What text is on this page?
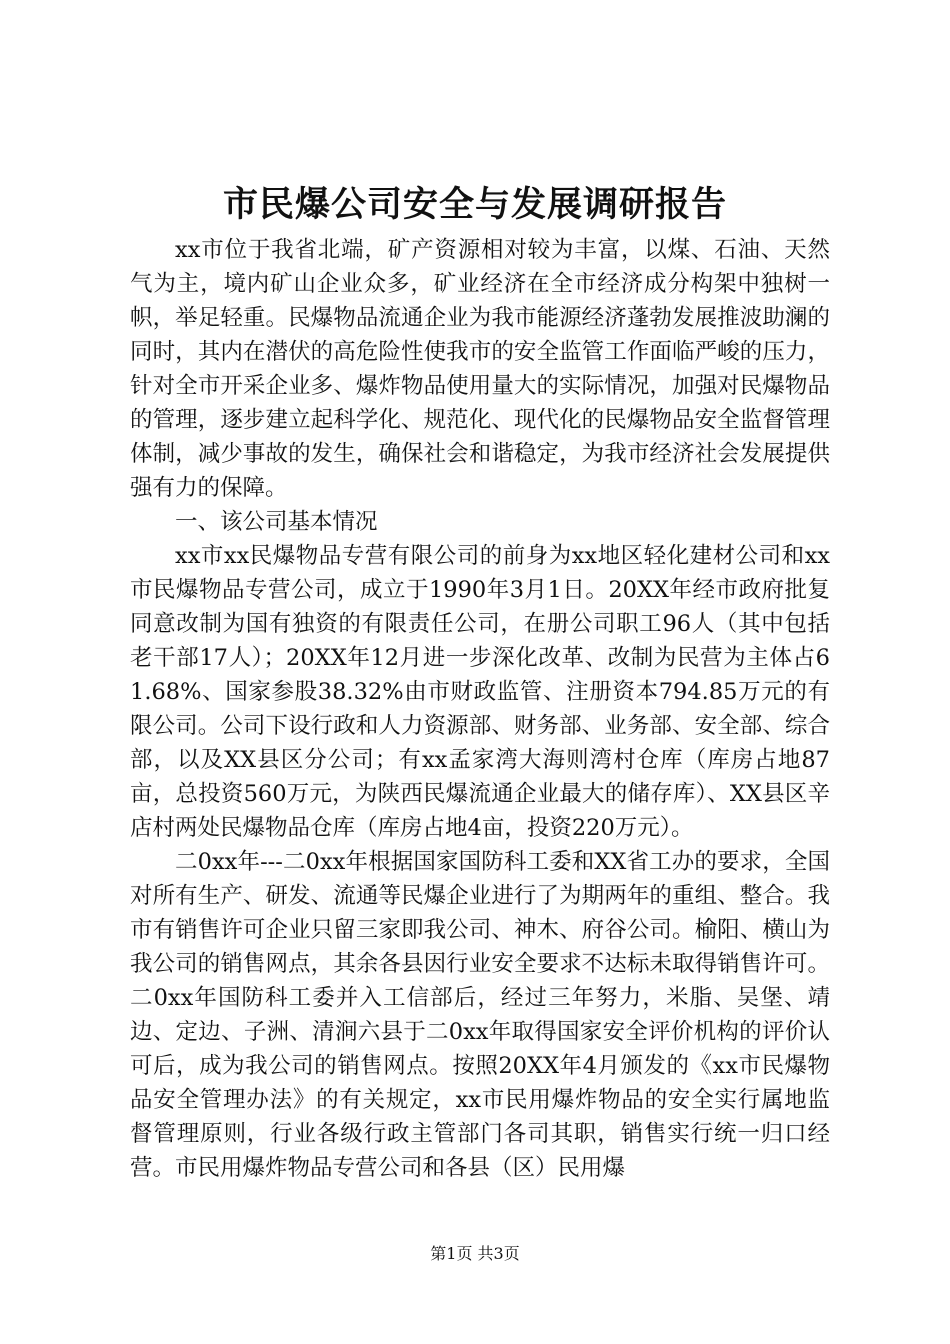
市民爆公司安全与发展调研报告

xx市位于我省北端，矿产资源相对较为丰富，以煤、石油、天然气为主，境内矿山企业众多，矿业经济在全市经济成分构架中独树一帜，举足轻重。民爆物品流通企业为我市能源经济蓬勃发展推波助澜的同时，其内在潜伏的高危险性使我市的安全监管工作面临严峻的压力，针对全市开采企业多、爆炸物品使用量大的实际情况，加强对民爆物品的管理，逐步建立起科学化、规范化、现代化的民爆物品安全监督管理体制，减少事故的发生，确保社会和谐稳定，为我市经济社会发展提供强有力的保障。

一、该公司基本情况

xx市xx民爆物品专营有限公司的前身为xx地区轻化建材公司和xx市民爆物品专营公司，成立于1990年3月1日。20XX年经市政府批复同意改制为国有独资的有限责任公司，在册公司职工96人（其中包括老干部17人）；20XX年12月进一步深化改革、改制为民营为主体占61.68%、国家参股38.32%由市财政监管、注册资本794.85万元的有限公司。公司下设行政和人力资源部、财务部、业务部、安全部、综合部，以及XX县区分公司；有xx孟家湾大海则湾村仓库（库房占地87亩，总投资560万元，为陕西民爆流通企业最大的储存库）、XX县区辛店村两处民爆物品仓库（库房占地4亩，投资220万元）。

二0xx年---二0xx年根据国家国防科工委和XX省工办的要求，全国对所有生产、研发、流通等民爆企业进行了为期两年的重组、整合。我市有销售许可企业只留三家即我公司、神木、府谷公司。榆阳、横山为我公司的销售网点，其余各县因行业安全要求不达标未取得销售许可。二0xx年国防科工委并入工信部后，经过三年努力，米脂、吴堡、靖边、定边、子洲、清涧六县于二0xx年取得国家安全评价机构的评价认可后，成为我公司的销售网点。按照20XX年4月颁发的《xx市民爆物品安全管理办法》的有关规定，xx市民用爆炸物品的安全实行属地监督管理原则，行业各级行政主管部门各司其职，销售实行统一归口经营。市民用爆炸物品专营公司和各县（区）民用爆

第1页 共3页
